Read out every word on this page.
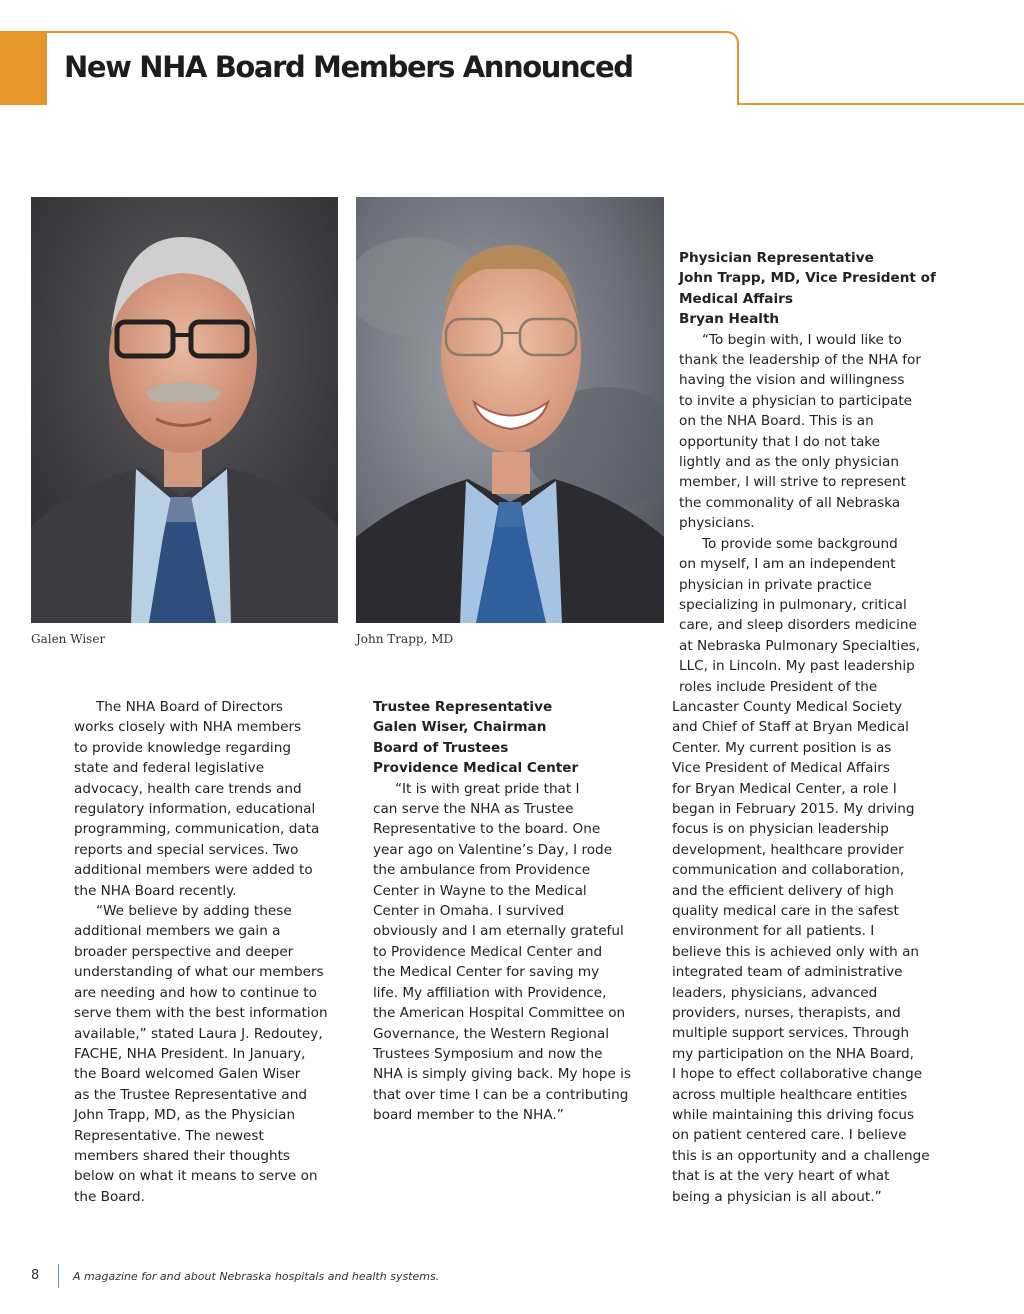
New NHA Board Members Announced
Galen Wiser	John Trapp, MD
The NHA Board of Directors
works closely with NHA members
to provide knowledge regarding
state and federal legislative
advocacy, health care trends and
regulatory information, educational
programming, communication, data
reports and special services. Two
additional members were added to
the NHA Board recently.
“We believe by adding these
additional members we gain a
broader perspective and deeper
understanding of what our members
are needing and how to continue to
serve them with the best information
available,” stated Laura J. Redoutey,
FACHE, NHA President. In January,
the Board welcomed Galen Wiser
as the Trustee Representative and
John Trapp, MD, as the Physician
Representative. The newest
members shared their thoughts
below on what it means to serve on
the Board.
Trustee Representative
Galen Wiser, Chairman
Board of Trustees
Providence Medical Center
“It is with great pride that I
can serve the NHA as Trustee
Representative to the board. One
year ago on Valentine’s Day, I rode
the ambulance from Providence
Center in Wayne to the Medical
Center in Omaha. I survived
obviously and I am eternally grateful
to Providence Medical Center and
the Medical Center for saving my
life. My affiliation with Providence,
the American Hospital Committee on
Governance, the Western Regional
Trustees Symposium and now the
NHA is simply giving back. My hope is
that over time I can be a contributing
board member to the NHA.”
Physician Representative
John Trapp, MD, Vice President of
Medical Affairs
Bryan Health
“To begin with, I would like to
thank the leadership of the NHA for
having the vision and willingness
to invite a physician to participate
on the NHA Board. This is an
opportunity that I do not take
lightly and as the only physician
member, I will strive to represent
the commonality of all Nebraska
physicians.
To provide some background
on myself, I am an independent
physician in private practice
specializing in pulmonary, critical
care, and sleep disorders medicine
at Nebraska Pulmonary Specialties,
LLC, in Lincoln. My past leadership
roles include President of the
Lancaster County Medical Society
and Chief of Staff at Bryan Medical
Center. My current position is as
Vice President of Medical Affairs
for Bryan Medical Center, a role I
began in February 2015. My driving
focus is on physician leadership
development, healthcare provider
communication and collaboration,
and the efficient delivery of high
quality medical care in the safest
environment for all patients. I
believe this is achieved only with an
integrated team of administrative
leaders, physicians, advanced
providers, nurses, therapists, and
multiple support services. Through
my participation on the NHA Board,
I hope to effect collaborative change
across multiple healthcare entities
while maintaining this driving focus
on patient centered care. I believe
this is an opportunity and a challenge
that is at the very heart of what
being a physician is all about.”
8	A magazine for and about Nebraska hospitals and health systems.
